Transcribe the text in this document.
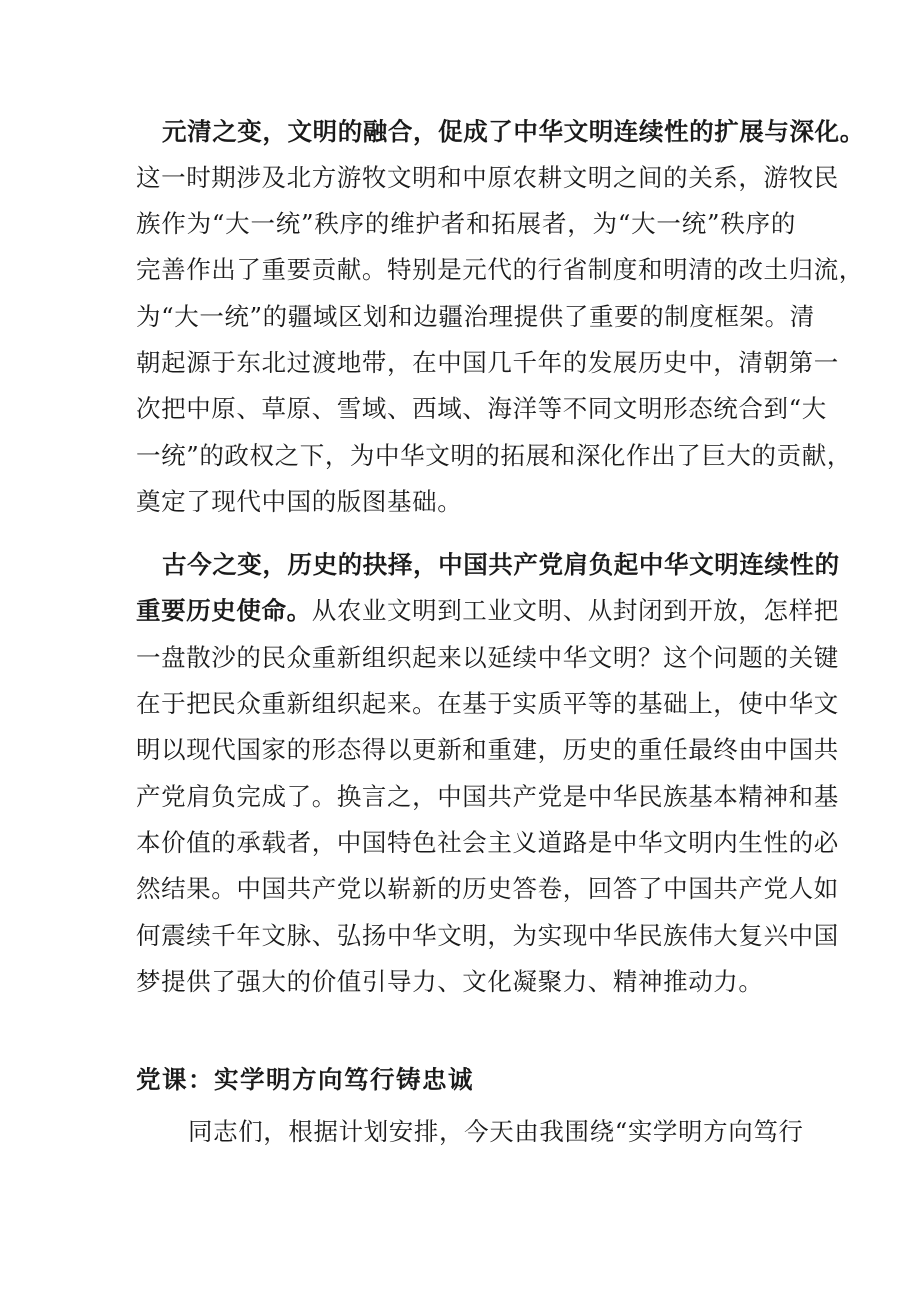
元清之变，文明的融合，促成了中华文明连续性的扩展与深化。
这一时期涉及北方游牧文明和中原农耕文明之间的关系，游牧民
族作为“大一统”秩序的维护者和拓展者，为“大一统”秩序的
完善作出了重要贡献。特别是元代的行省制度和明清的改土归流，
为“大一统”的疆域区划和边疆治理提供了重要的制度框架。清
朝起源于东北过渡地带，在中国几千年的发展历史中，清朝第一
次把中原、草原、雪域、西域、海洋等不同文明形态统合到“大
一统”的政权之下，为中华文明的拓展和深化作出了巨大的贡献，
奠定了现代中国的版图基础。
古今之变，历史的抉择，中国共产党肩负起中华文明连续性的
重要历史使命。从农业文明到工业文明、从封闭到开放，怎样把
一盘散沙的民众重新组织起来以延续中华文明？这个问题的关键
在于把民众重新组织起来。在基于实质平等的基础上，使中华文
明以现代国家的形态得以更新和重建，历史的重任最终由中国共
产党肩负完成了。换言之，中国共产党是中华民族基本精神和基
本价值的承载者，中国特色社会主义道路是中华文明内生性的必
然结果。中国共产党以崭新的历史答卷，回答了中国共产党人如
何震续千年文脉、弘扬中华文明，为实现中华民族伟大复兴中国
梦提供了强大的价值引导力、文化凝聚力、精神推动力。
党课：实学明方向笃行铸忠诚
同志们，根据计划安排，今天由我围绕“实学明方向笃行
